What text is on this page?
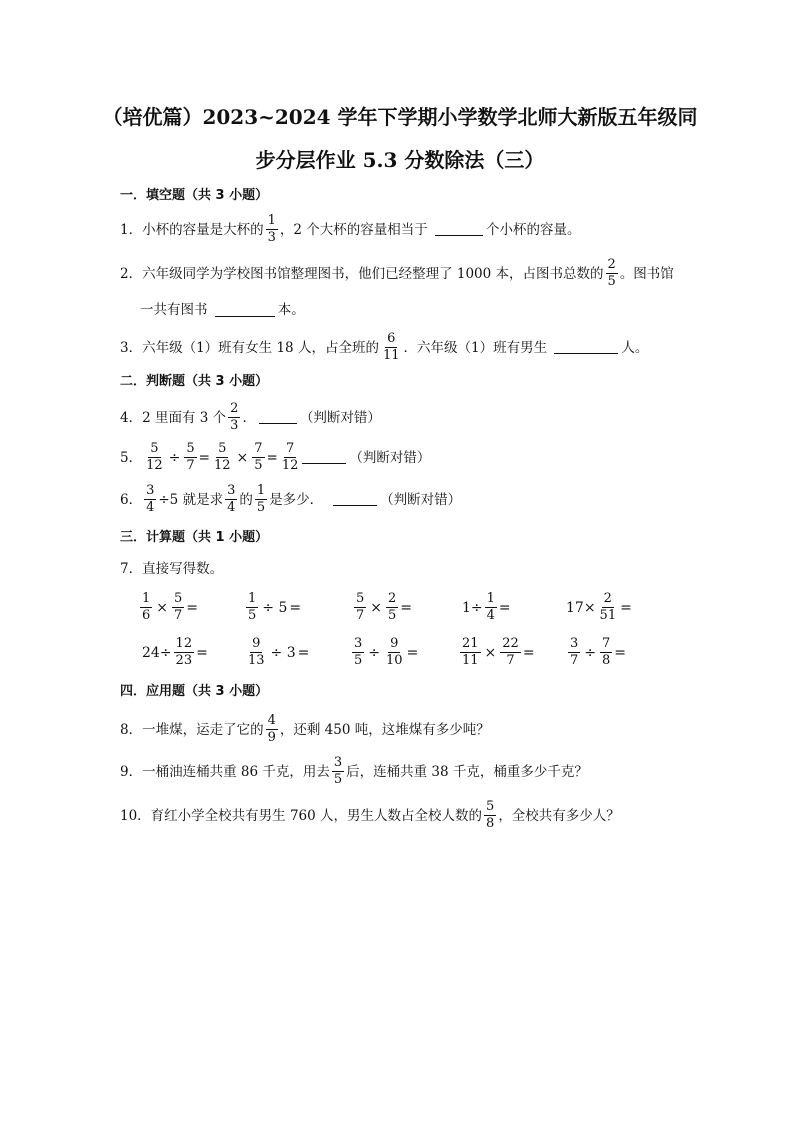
（培优篇）2023~2024 学年下学期小学数学北师大新版五年级同
步分层作业 5.3 分数除法（三）
一．填空题（共 3 小题）
1．小杯的容量是大杯的 $\frac{1}{3}$ ，2 个大杯的容量相当于	个小杯的容量。
2．六年级同学为学校图书馆整理图书，他们已经整理了 1000 本，占图书总数的 $\frac{2}{5}$ 。图书馆
一共有图书	本。
3．六年级（1）班有女生 18 人，占全班的 $\frac{6}{11}$ ．六年级（1）班有男生	人。
二．判断题（共 3 小题）
4．2 里面有 3 个 $\frac{2}{3}$ ．	（判断对错）
5． $\frac{5}{12} \div \frac{5}{7} = \frac{5}{12} \times \frac{7}{5} = \frac{7}{12}$	（判断对错）
6． $\frac{3}{4} \div 5$ 就是求 $\frac{3}{4}$ 的 $\frac{1}{5}$ 是多少．	（判断对错）
三．计算题（共 1 小题）
7．直接写得数。
$\frac{1}{6} \times \frac{5}{7}$ =	$\frac{1}{5} \div 5$ =	$\frac{5}{7} \times \frac{2}{5}$ =	$1\div \frac{1}{4}$ =	$17\times \frac{2}{51}$ =
$24\div \frac{12}{23}$ =	$\frac{9}{13} \div 3$ =	$\frac{3}{5} \div \frac{9}{10}$ =	$\frac{21}{11} \times \frac{22}{7}$ =	$\frac{3}{7} \div \frac{7}{8}$ =
四．应用题（共 3 小题）
8．一堆煤，运走了它的 $\frac{4}{9}$ ，还剩 450 吨，这堆煤有多少吨？
9．一桶油连桶共重 86 千克，用去 $\frac{3}{5}$ 后，连桶共重 38 千克，桶重多少千克？
10．育红小学全校共有男生 760 人，男生人数占全校人数的 $\frac{5}{8}$ ，全校共有多少人？
